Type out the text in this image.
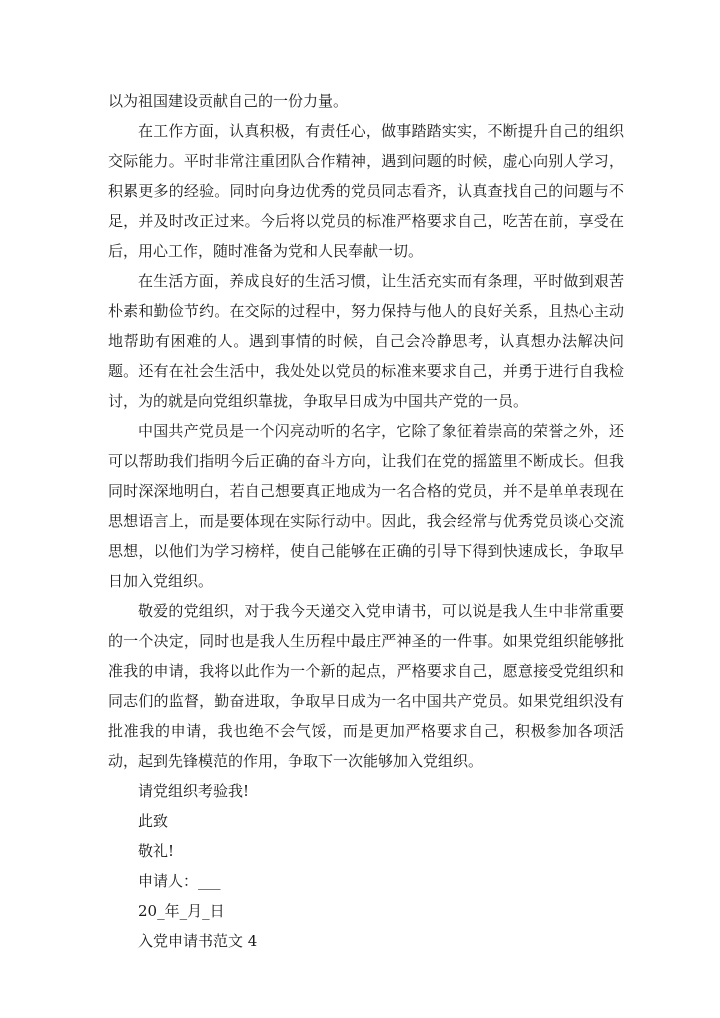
以为祖国建设贡献自己的一份力量。

在工作方面，认真积极，有责任心，做事踏踏实实，不断提升自己的组织

交际能力。平时非常注重团队合作精神，遇到问题的时候，虚心向别人学习，

积累更多的经验。同时向身边优秀的党员同志看齐，认真查找自己的问题与不

足，并及时改正过来。今后将以党员的标准严格要求自己，吃苦在前，享受在

后，用心工作，随时准备为党和人民奉献一切。

在生活方面，养成良好的生活习惯，让生活充实而有条理，平时做到艰苦

朴素和勤俭节约。在交际的过程中，努力保持与他人的良好关系，且热心主动

地帮助有困难的人。遇到事情的时候，自己会冷静思考，认真想办法解决问

题。还有在社会生活中，我处处以党员的标准来要求自己，并勇于进行自我检

讨，为的就是向党组织靠拢，争取早日成为中国共产党的一员。

中国共产党员是一个闪亮动听的名字，它除了象征着崇高的荣誉之外，还

可以帮助我们指明今后正确的奋斗方向，让我们在党的摇篮里不断成长。但我

同时深深地明白，若自己想要真正地成为一名合格的党员，并不是单单表现在

思想语言上，而是要体现在实际行动中。因此，我会经常与优秀党员谈心交流

思想，以他们为学习榜样，使自己能够在正确的引导下得到快速成长，争取早

日加入党组织。

敬爱的党组织，对于我今天递交入党申请书，可以说是我人生中非常重要

的一个决定，同时也是我人生历程中最庄严神圣的一件事。如果党组织能够批

准我的申请，我将以此作为一个新的起点，严格要求自己，愿意接受党组织和

同志们的监督，勤奋进取，争取早日成为一名中国共产党员。如果党组织没有

批准我的申请，我也绝不会气馁，而是更加严格要求自己，积极参加各项活

动，起到先锋模范的作用，争取下一次能够加入党组织。

请党组织考验我!

此致

敬礼!

申请人：___

20_年_月_日

入党申请书范文 4
